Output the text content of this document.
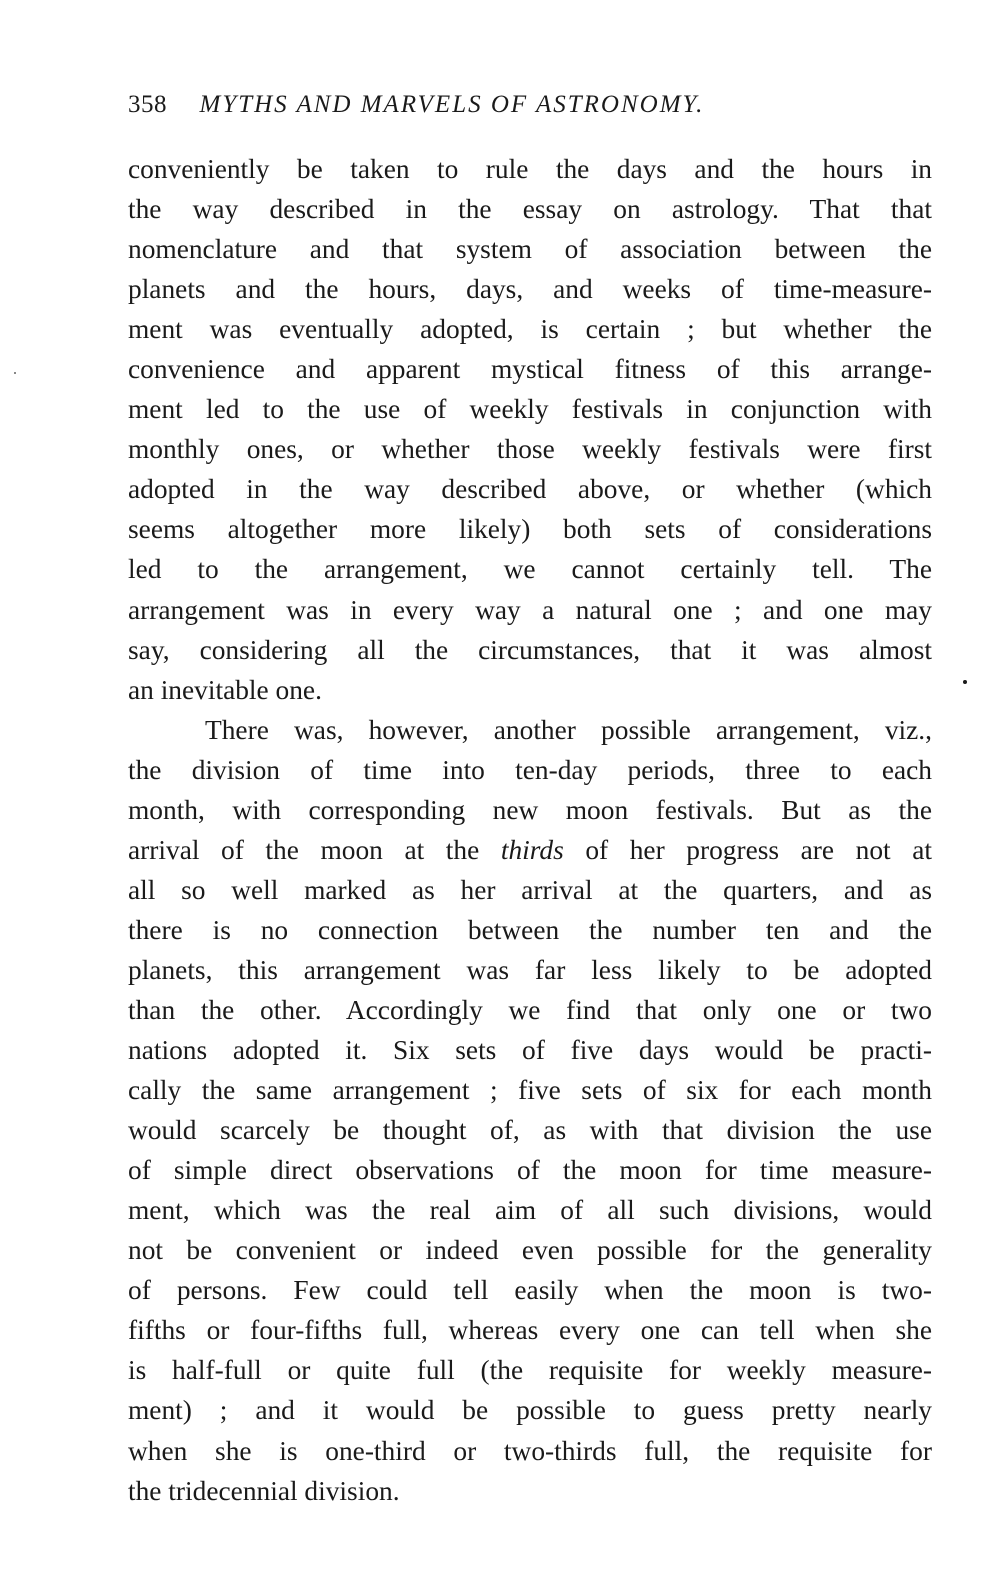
358 MYTHS AND MARVELS OF ASTRONOMY.
conveniently be taken to rule the days and the hours in
the way described in the essay on astrology. That that
nomenclature and that system of association between the
planets and the hours, days, and weeks of time-measure-
ment was eventually adopted, is certain ; but whether the
convenience and apparent mystical fitness of this arrange-
ment led to the use of weekly festivals in conjunction with
monthly ones, or whether those weekly festivals were first
adopted in the way described above, or whether (which
seems altogether more likely) both sets of considerations
led to the arrangement, we cannot certainly tell. The
arrangement was in every way a natural one ; and one may
say, considering all the circumstances, that it was almost
an inevitable one.
There was, however, another possible arrangement, viz.,
the division of time into ten-day periods, three to each
month, with corresponding new moon festivals. But as the
arrival of the moon at the thirds of her progress are not at
all so well marked as her arrival at the quarters, and as
there is no connection between the number ten and the
planets, this arrangement was far less likely to be adopted
than the other. Accordingly we find that only one or two
nations adopted it. Six sets of five days would be practi-
cally the same arrangement ; five sets of six for each month
would scarcely be thought of, as with that division the use
of simple direct observations of the moon for time measure-
ment, which was the real aim of all such divisions, would
not be convenient or indeed even possible for the generality
of persons. Few could tell easily when the moon is two-
fifths or four-fifths full, whereas every one can tell when she
is half-full or quite full (the requisite for weekly measure-
ment) ; and it would be possible to guess pretty nearly
when she is one-third or two-thirds full, the requisite for
the tridecennial division.
